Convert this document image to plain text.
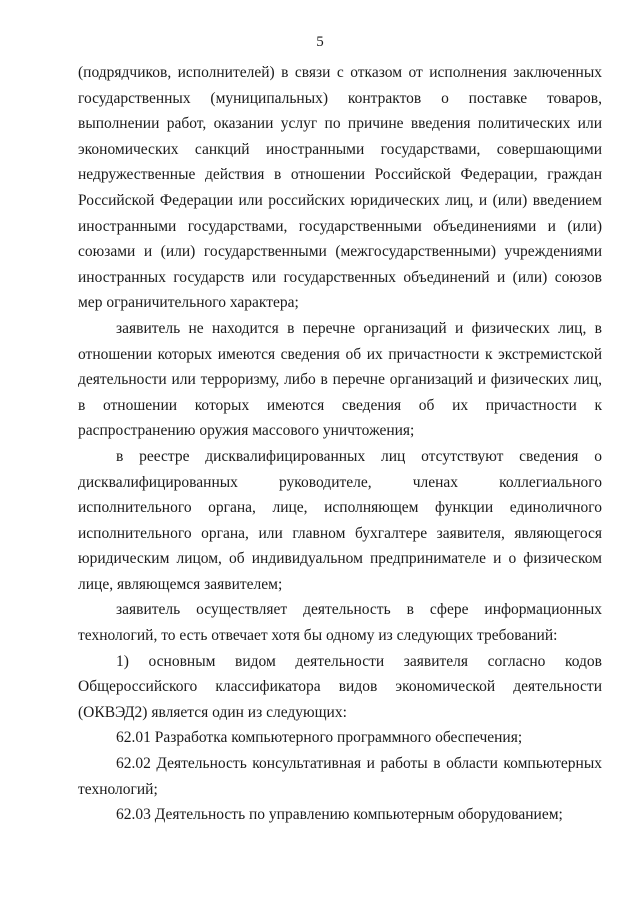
5

(подрядчиков, исполнителей) в связи с отказом от исполнения заключенных государственных (муниципальных) контрактов о поставке товаров, выполнении работ, оказании услуг по причине введения политических или экономических санкций иностранными государствами, совершающими недружественные действия в отношении Российской Федерации, граждан Российской Федерации или российских юридических лиц, и (или) введением иностранными государствами, государственными объединениями и (или) союзами и (или) государственными (межгосударственными) учреждениями иностранных государств или государственных объединений и (или) союзов мер ограничительного характера;

заявитель не находится в перечне организаций и физических лиц, в отношении которых имеются сведения об их причастности к экстремистской деятельности или терроризму, либо в перечне организаций и физических лиц, в отношении которых имеются сведения об их причастности к распространению оружия массового уничтожения;

в реестре дисквалифицированных лиц отсутствуют сведения о дисквалифицированных руководителе, членах коллегиального исполнительного органа, лице, исполняющем функции единоличного исполнительного органа, или главном бухгалтере заявителя, являющегося юридическим лицом, об индивидуальном предпринимателе и о физическом лице, являющемся заявителем;

заявитель осуществляет деятельность в сфере информационных технологий, то есть отвечает хотя бы одному из следующих требований:

1) основным видом деятельности заявителя согласно кодов Общероссийского классификатора видов экономической деятельности (ОКВЭД2) является один из следующих:

62.01 Разработка компьютерного программного обеспечения;

62.02 Деятельность консультативная и работы в области компьютерных технологий;

62.03 Деятельность по управлению компьютерным оборудованием;
